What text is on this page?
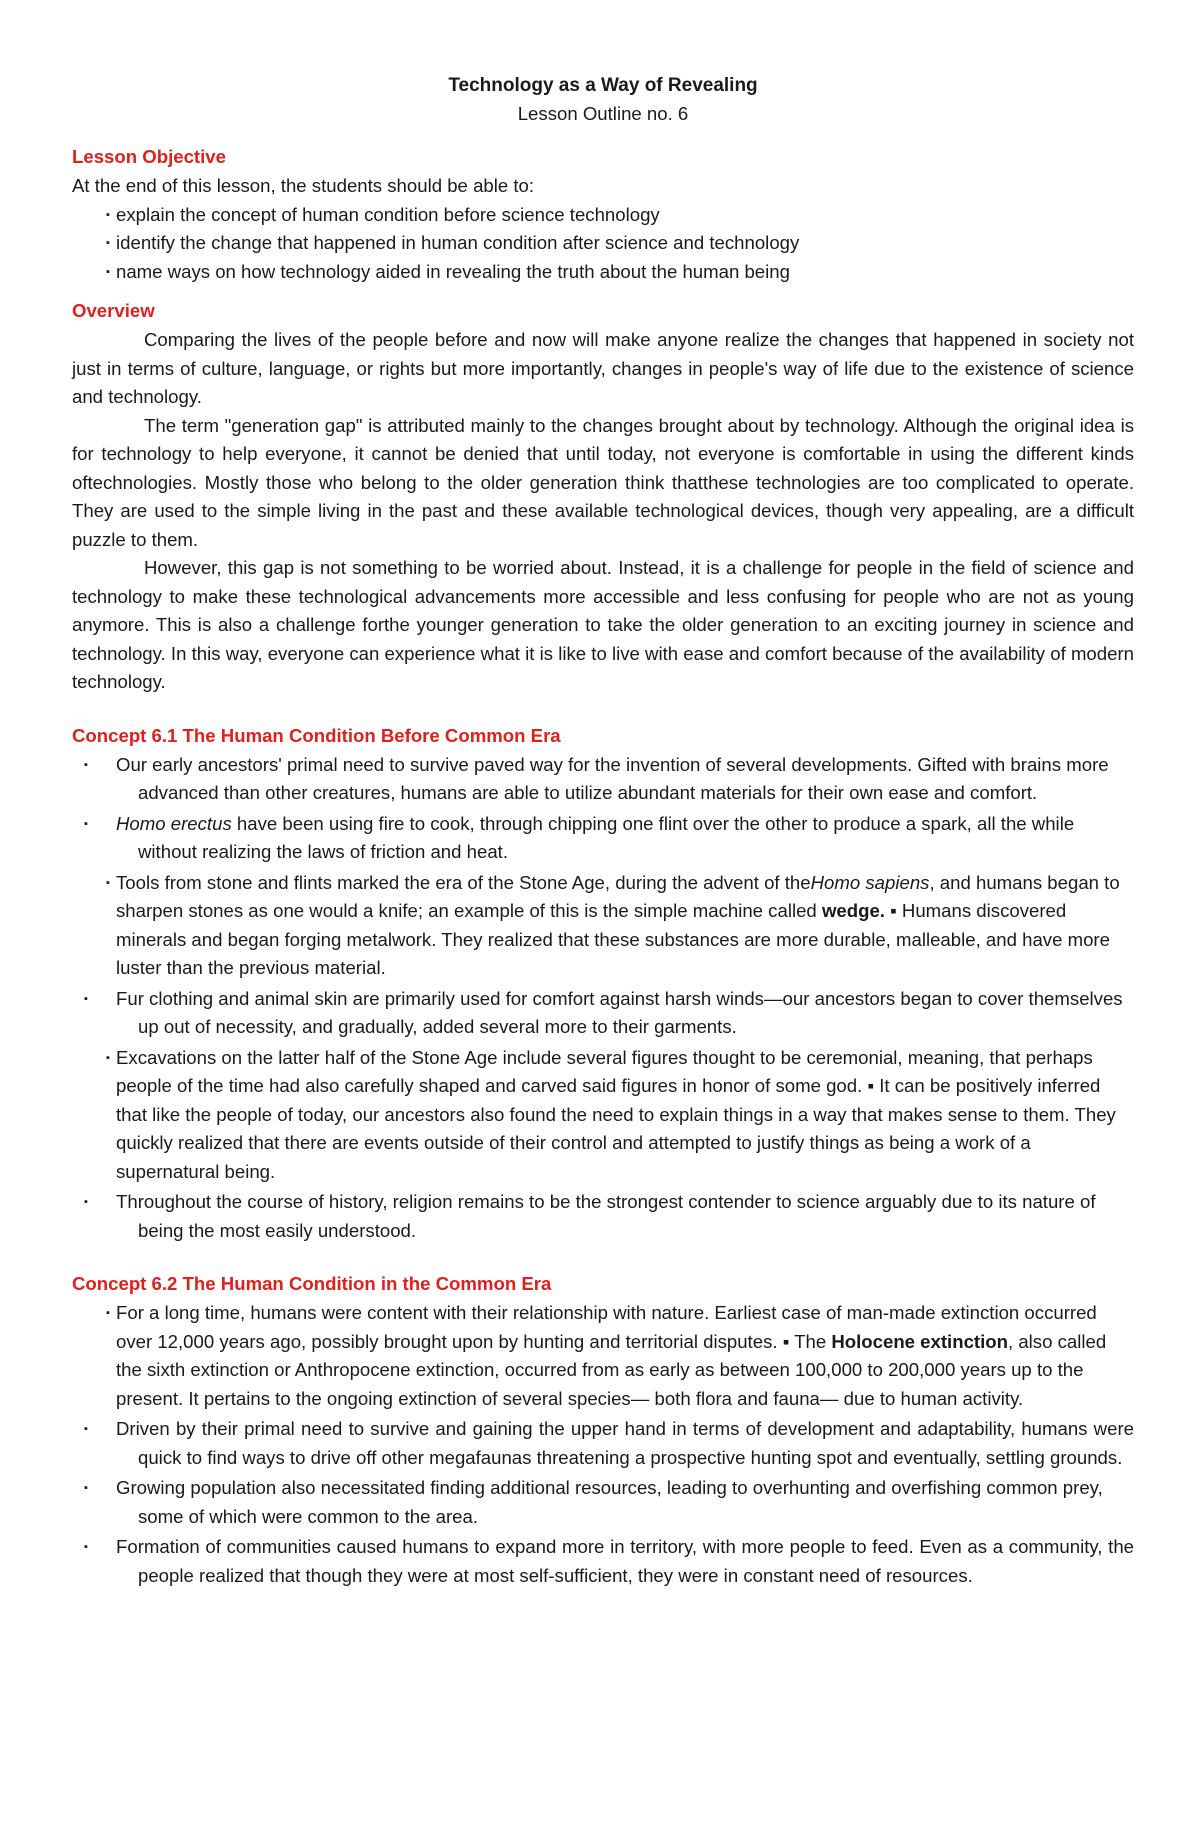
Technology as a Way of Revealing

Lesson Outline no. 6

Lesson Objective

At the end of this lesson, the students should be able to:

▪ explain the concept of human condition before science technology
▪ identify the change that happened in human condition after science and technology
▪ name ways on how technology aided in revealing the truth about the human being

Overview

Comparing the lives of the people before and now will make anyone realize the changes that happened in society not just in terms of culture, language, or rights but more importantly, changes in people's way of life due to the existence of science and technology.

The term "generation gap" is attributed mainly to the changes brought about by technology. Although the original idea is for technology to help everyone, it cannot be denied that until today, not everyone is comfortable in using the different kinds oftechnologies. Mostly those who belong to the older generation think thatthese technologies are too complicated to operate. They are used to the simple living in the past and these available technological devices, though very appealing, are a difficult puzzle to them.

However, this gap is not something to be worried about. Instead, it is a challenge for people in the field of science and technology to make these technological advancements more accessible and less confusing for people who are not as young anymore. This is also a challenge forthe younger generation to take the older generation to an exciting journey in science and technology. In this way, everyone can experience what it is like to live with ease and comfort because of the availability of modern technology.

Concept 6.1 The Human Condition Before Common Era

▪ Our early ancestors' primal need to survive paved way for the invention of several developments. Gifted with brains more advanced than other creatures, humans are able to utilize abundant materials for their own ease and comfort.
▪ Homo erectus have been using fire to cook, through chipping one flint over the other to produce a spark, all the while without realizing the laws of friction and heat.
▪ Tools from stone and flints marked the era of the Stone Age, during the advent of theHomo sapiens, and humans began to sharpen stones as one would a knife; an example of this is the simple machine called wedge. ▪ Humans discovered minerals and began forging metalwork. They realized that these substances are more durable, malleable, and have more luster than the previous material.
▪ Fur clothing and animal skin are primarily used for comfort against harsh winds—our ancestors began to cover themselves up out of necessity, and gradually, added several more to their garments.
▪ Excavations on the latter half of the Stone Age include several figures thought to be ceremonial, meaning, that perhaps people of the time had also carefully shaped and carved said figures in honor of some god. ▪ It can be positively inferred that like the people of today, our ancestors also found the need to explain things in a way that makes sense to them. They quickly realized that there are events outside of their control and attempted to justify things as being a work of a supernatural being.
▪ Throughout the course of history, religion remains to be the strongest contender to science arguably due to its nature of being the most easily understood.

Concept 6.2 The Human Condition in the Common Era

▪ For a long time, humans were content with their relationship with nature. Earliest case of man-made extinction occurred over 12,000 years ago, possibly brought upon by hunting and territorial disputes. ▪ The Holocene extinction, also called the sixth extinction or Anthropocene extinction, occurred from as early as between 100,000 to 200,000 years up to the present. It pertains to the ongoing extinction of several species— both flora and fauna— due to human activity.
▪ Driven by their primal need to survive and gaining the upper hand in terms of development and adaptability, humans were quick to find ways to drive off other megafaunas threatening a prospective hunting spot and eventually, settling grounds.
▪ Growing population also necessitated finding additional resources, leading to overhunting and overfishing common prey, some of which were common to the area.
▪ Formation of communities caused humans to expand more in territory, with more people to feed. Even as a community, the people realized that though they were at most self-sufficient, they were in constant need of resources.
